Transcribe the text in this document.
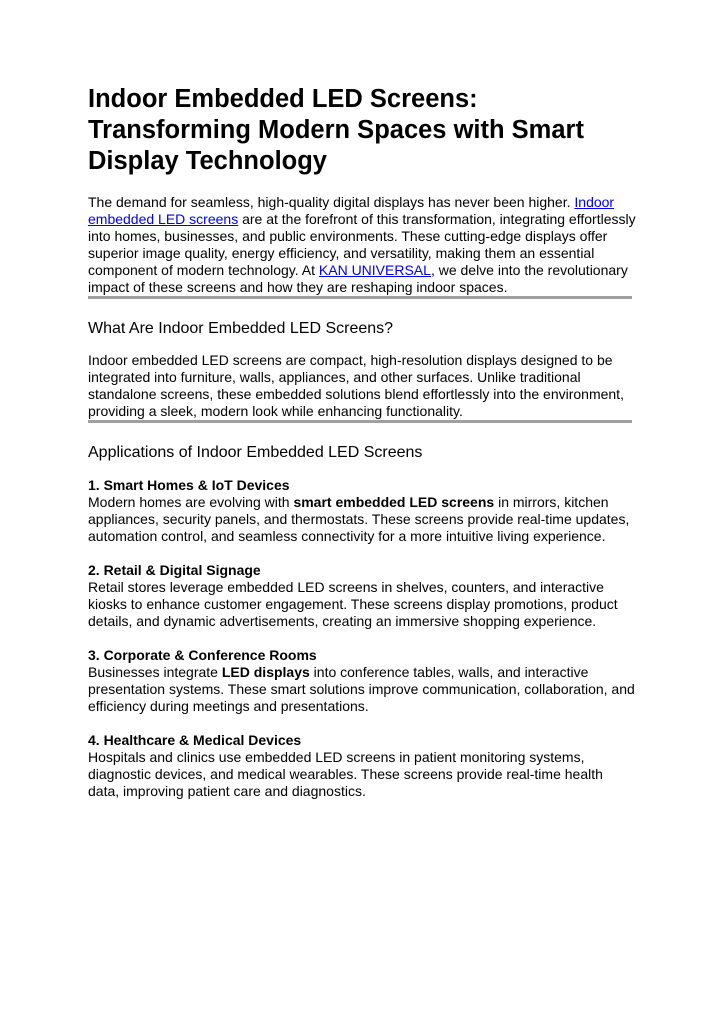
Indoor Embedded LED Screens: Transforming Modern Spaces with Smart Display Technology

The demand for seamless, high-quality digital displays has never been higher. Indoor embedded LED screens are at the forefront of this transformation, integrating effortlessly into homes, businesses, and public environments. These cutting-edge displays offer superior image quality, energy efficiency, and versatility, making them an essential component of modern technology. At KAN UNIVERSAL, we delve into the revolutionary impact of these screens and how they are reshaping indoor spaces.

What Are Indoor Embedded LED Screens?

Indoor embedded LED screens are compact, high-resolution displays designed to be integrated into furniture, walls, appliances, and other surfaces. Unlike traditional standalone screens, these embedded solutions blend effortlessly into the environment, providing a sleek, modern look while enhancing functionality.

Applications of Indoor Embedded LED Screens

1. Smart Homes & IoT Devices

Modern homes are evolving with smart embedded LED screens in mirrors, kitchen appliances, security panels, and thermostats. These screens provide real-time updates, automation control, and seamless connectivity for a more intuitive living experience.

2. Retail & Digital Signage

Retail stores leverage embedded LED screens in shelves, counters, and interactive kiosks to enhance customer engagement. These screens display promotions, product details, and dynamic advertisements, creating an immersive shopping experience.

3. Corporate & Conference Rooms

Businesses integrate LED displays into conference tables, walls, and interactive presentation systems. These smart solutions improve communication, collaboration, and efficiency during meetings and presentations.

4. Healthcare & Medical Devices

Hospitals and clinics use embedded LED screens in patient monitoring systems, diagnostic devices, and medical wearables. These screens provide real-time health data, improving patient care and diagnostics.
